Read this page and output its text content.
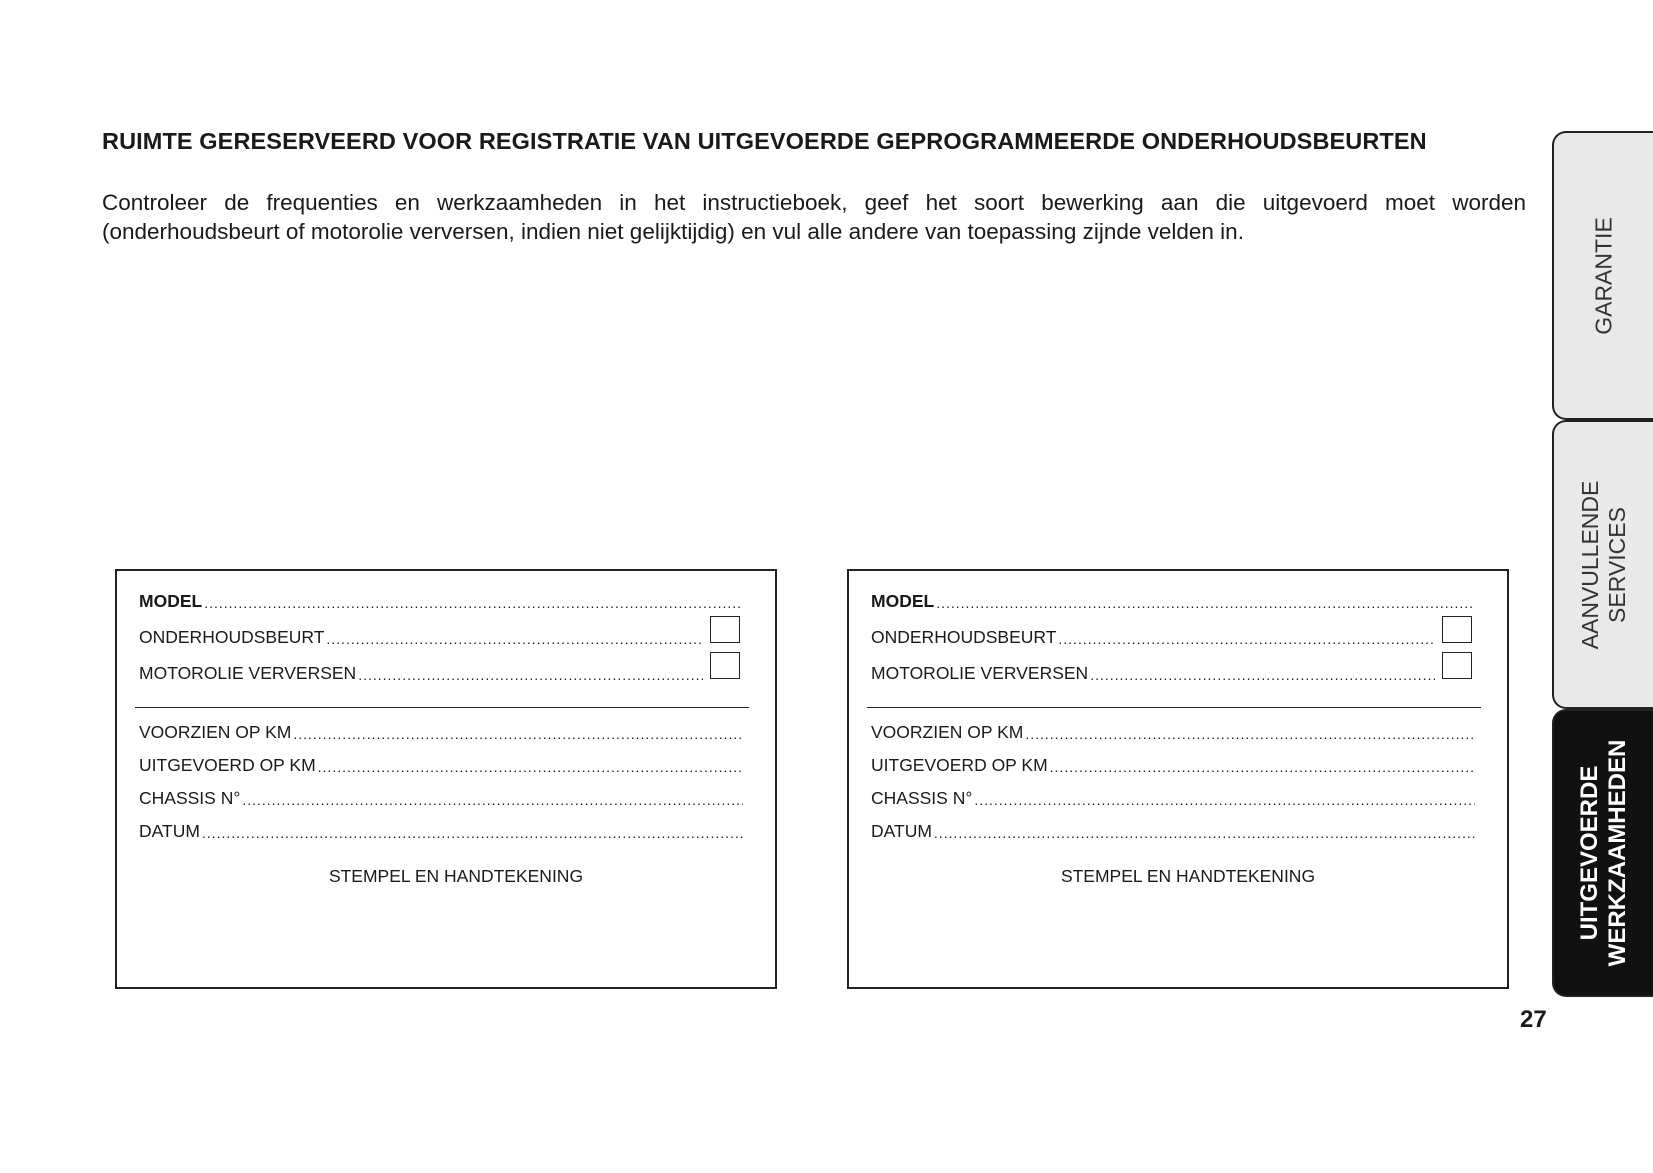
RUIMTE GERESERVEERD VOOR REGISTRATIE VAN UITGEVOERDE GEPROGRAMMEERDE ONDERHOUDSBEURTEN

Controleer de frequenties en werkzaamheden in het instructieboek, geef het soort bewerking aan die uitgevoerd moet worden (onderhoudsbeurt of motorolie verversen, indien niet gelijktijdig) en vul alle andere van toepassing zijnde velden in.

MODEL
.....
ONDERHOUDSBEURT
.....
MOTOROLIE VERVERSEN
.....
VOORZIEN OP KM
.....
UITGEVOERD OP KM
.....
CHASSIS N°
.....
DATUM
.....
STEMPEL EN HANDTEKENING
MODEL
.....
ONDERHOUDSBEURT
.....
MOTOROLIE VERVERSEN
.....
VOORZIEN OP KM
.....
UITGEVOERD OP KM
.....
CHASSIS N°
.....
DATUM
.....
STEMPEL EN HANDTEKENING
GARANTIE
AANVULLENDE SERVICES
UITGEVOERDE WERKZAAMHEDEN
27
